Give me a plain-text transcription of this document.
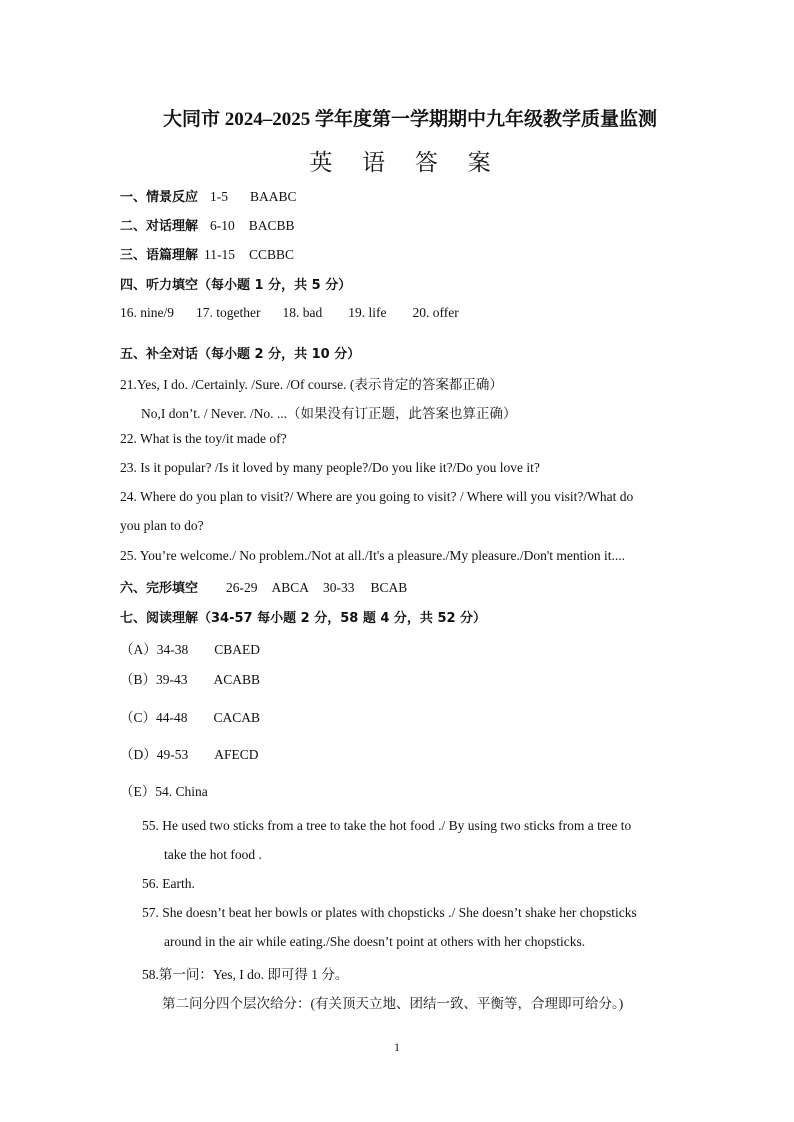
大同市 2024–2025 学年度第一学期期中九年级教学质量监测
英 语 答 案
一、情景反应 1-5 BAABC
二、对话理解 6-10 BACBB
三、语篇理解 11-15 CCBBC
四、听力填空（每小题 1 分，共 5 分）
16. nine/9 17. together 18. bad 19. life 20. offer
五、补全对话（每小题 2 分，共 10 分）
21.Yes, I do. /Certainly. /Sure. /Of course. (表示肯定的答案都正确）
No,I don’t. / Never. /No. ...（如果没有订正题，此答案也算正确）
22. What is the toy/it made of?
23. Is it popular? /Is it loved by many people?/Do you like it?/Do you love it?
24. Where do you plan to visit?/ Where are you going to visit? / Where will you visit?/What do
you plan to do?
25. You’re welcome./ No problem./Not at all./It's a pleasure./My pleasure./Don't mention it....
六、完形填空 26-29 ABCA 30-33 BCAB
七、阅读理解（34-57 每小题 2 分，58 题 4 分，共 52 分）
（A）34-38 CBAED
（B）39-43 ACABB
（C）44-48 CACAB
（D）49-53 AFECD
（E）54. China
55. He used two sticks from a tree to take the hot food ./ By using two sticks from a tree to
take the hot food .
56. Earth.
57. She doesn’t beat her bowls or plates with chopsticks ./ She doesn’t shake her chopsticks
around in the air while eating./She doesn’t point at others with her chopsticks.
58.第一问：Yes, I do. 即可得 1 分。
第二问分四个层次给分：(有关顶天立地、团结一致、平衡等，合理即可给分。)
1
